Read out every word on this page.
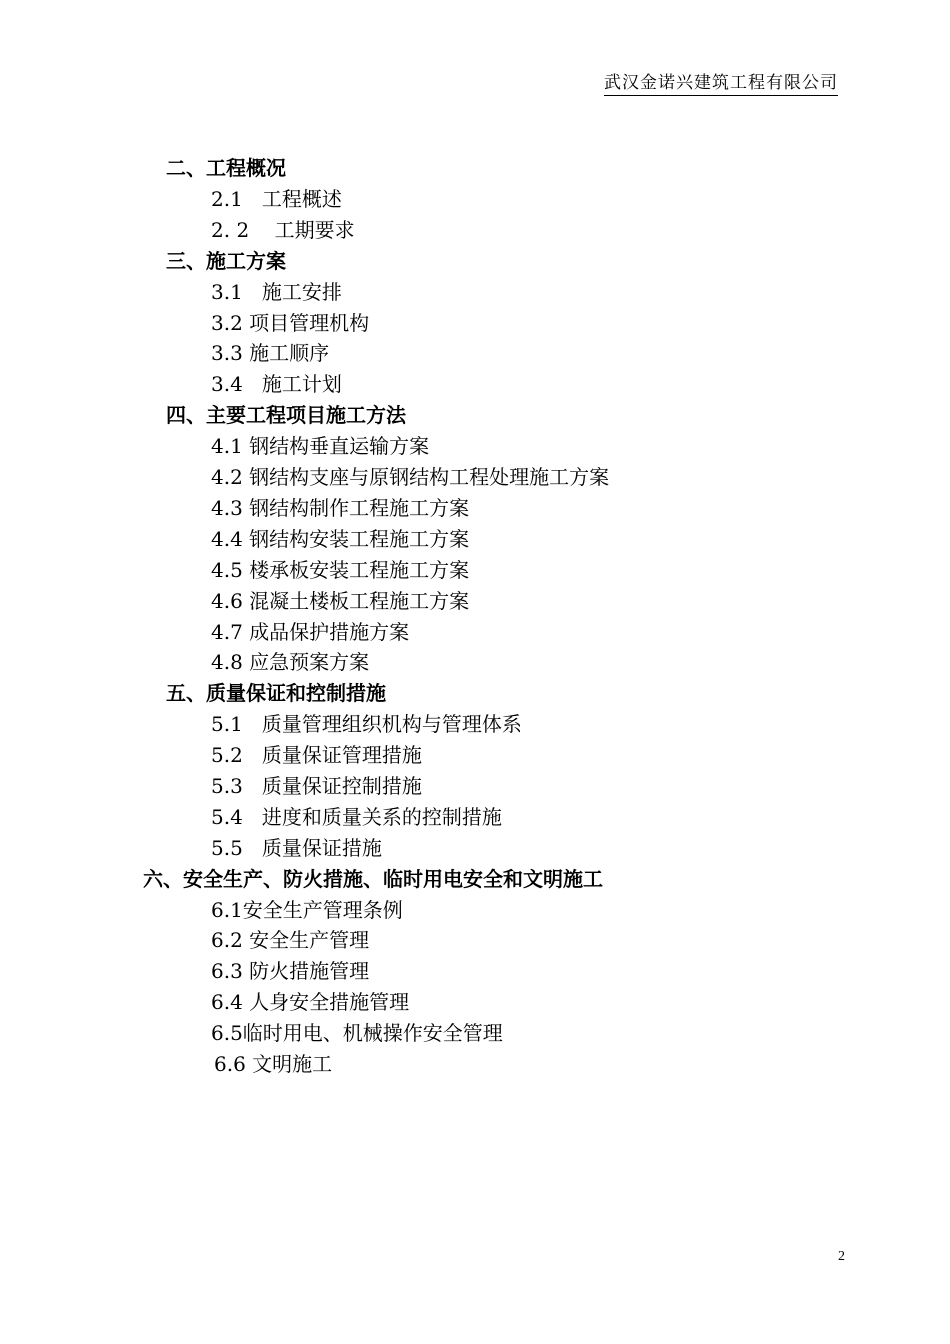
武汉金诺兴建筑工程有限公司
二、工程概况
2.1   工程概述
2. 2    工期要求
三、施工方案
3.1   施工安排
3.2 项目管理机构
3.3 施工顺序
3.4   施工计划
四、主要工程项目施工方法
4.1 钢结构垂直运输方案
4.2 钢结构支座与原钢结构工程处理施工方案
4.3 钢结构制作工程施工方案
4.4 钢结构安装工程施工方案
4.5 楼承板安装工程施工方案
4.6 混凝土楼板工程施工方案
4.7 成品保护措施方案
4.8 应急预案方案
五、质量保证和控制措施
5.1   质量管理组织机构与管理体系
5.2   质量保证管理措施
5.3   质量保证控制措施
5.4   进度和质量关系的控制措施
5.5   质量保证措施
六、安全生产、防火措施、临时用电安全和文明施工
6.1安全生产管理条例
6.2 安全生产管理
6.3 防火措施管理
6.4 人身安全措施管理
6.5临时用电、机械操作安全管理
6.6 文明施工
2
